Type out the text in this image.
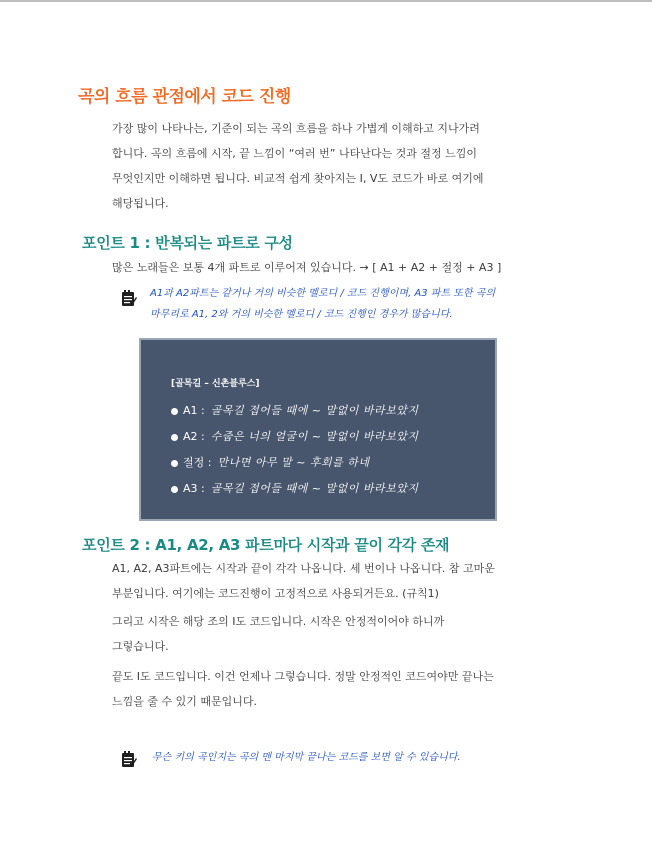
곡의 흐름 관점에서 코드 진행
가장 많이 나타나는, 기준이 되는 곡의 흐름을 하나 가볍게 이해하고 지나가려
합니다. 곡의 흐름에 시작, 끝 느낌이 “여러 번” 나타난다는 것과 절정 느낌이
무엇인지만 이해하면 됩니다. 비교적 쉽게 찾아지는 I, V도 코드가 바로 여기에
해당됩니다.
포인트 1 : 반복되는 파트로 구성
많은 노래들은 보통 4개 파트로 이루어져 있습니다. → [ A1 + A2 + 절정 + A3 ]
A1과 A2파트는 같거나 거의 비슷한 멜로디 / 코드 진행이며, A3 파트 또한 곡의
마무리로 A1, 2와 거의 비슷한 멜로디 / 코드 진행인 경우가 많습니다.
[골목길 – 신촌블루스]
A1 : 골목길 접어들 때에 ~ 말없이 바라보았지
A2 : 수줍은 너의 얼굴이 ~ 말없이 바라보았지
절정 : 만나면 아무 말 ~ 후회를 하네
A3 : 골목길 접어들 때에 ~ 말없이 바라보았지
포인트 2 : A1, A2, A3 파트마다 시작과 끝이 각각 존재
A1, A2, A3파트에는 시작과 끝이 각각 나옵니다. 세 번이나 나옵니다. 참 고마운
부분입니다. 여기에는 코드진행이 고정적으로 사용되거든요. (규칙1)
그리고 시작은 해당 조의 I도 코드입니다. 시작은 안정적이어야 하니까
그렇습니다.
끝도 I도 코드입니다. 이건 언제나 그렇습니다. 정말 안정적인 코드여야만 끝나는
느낌을 줄 수 있기 때문입니다.
무슨 키의 곡인지는 곡의 맨 마지막 끝나는 코드를 보면 알 수 있습니다.
